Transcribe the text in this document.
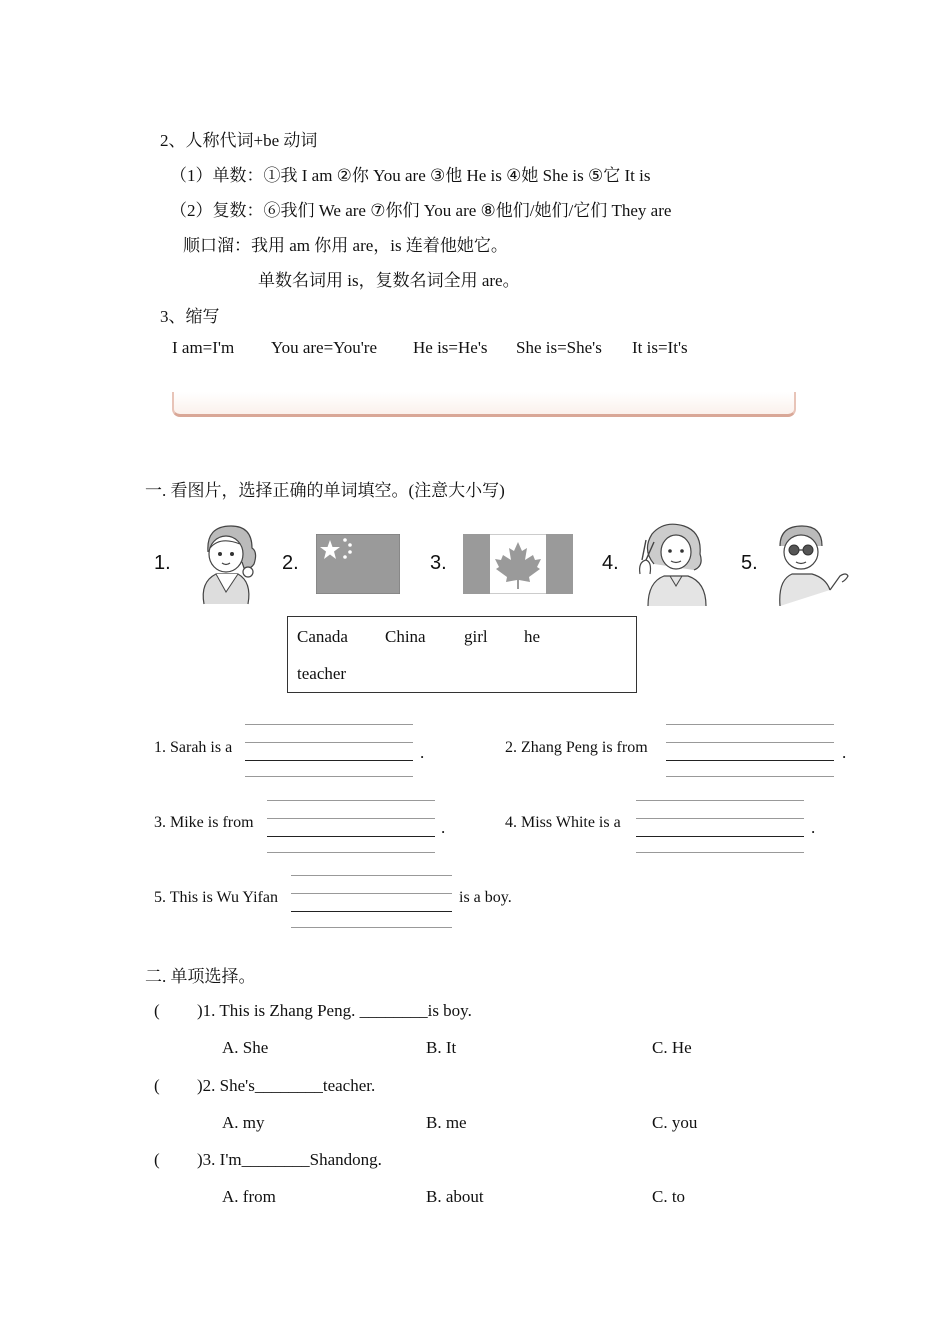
2、人称代词+be 动词
（1）单数：①我 I am ②你 You are ③他 He is ④她 She is ⑤它 It is
（2）复数：⑥我们 We are ⑦你们 You are ⑧他们/她们/它们 They are
顺口溜：我用 am 你用 are，is 连着他她它。
单数名词用 is，复数名词全用 are。
3、缩写
I am=I'm You are=You're He is=He's She is=She's It is=It's
一. 看图片，选择正确的单词填空。(注意大小写)
1.	2.	3.	4.	5.
Canada China girl he
teacher
1. Sarah is a	.	2. Zhang Peng is from	.
3. Mike is from	.	4. Miss White is a	.
5. This is Wu Yifan	is a boy.
二. 单项选择。
( )1. This is Zhang Peng. ________is boy.
A. She	B. It	C. He
( )2. She's________teacher.
A. my	B. me	C. you
( )3. I'm________Shandong.
A. from	B. about	C. to
